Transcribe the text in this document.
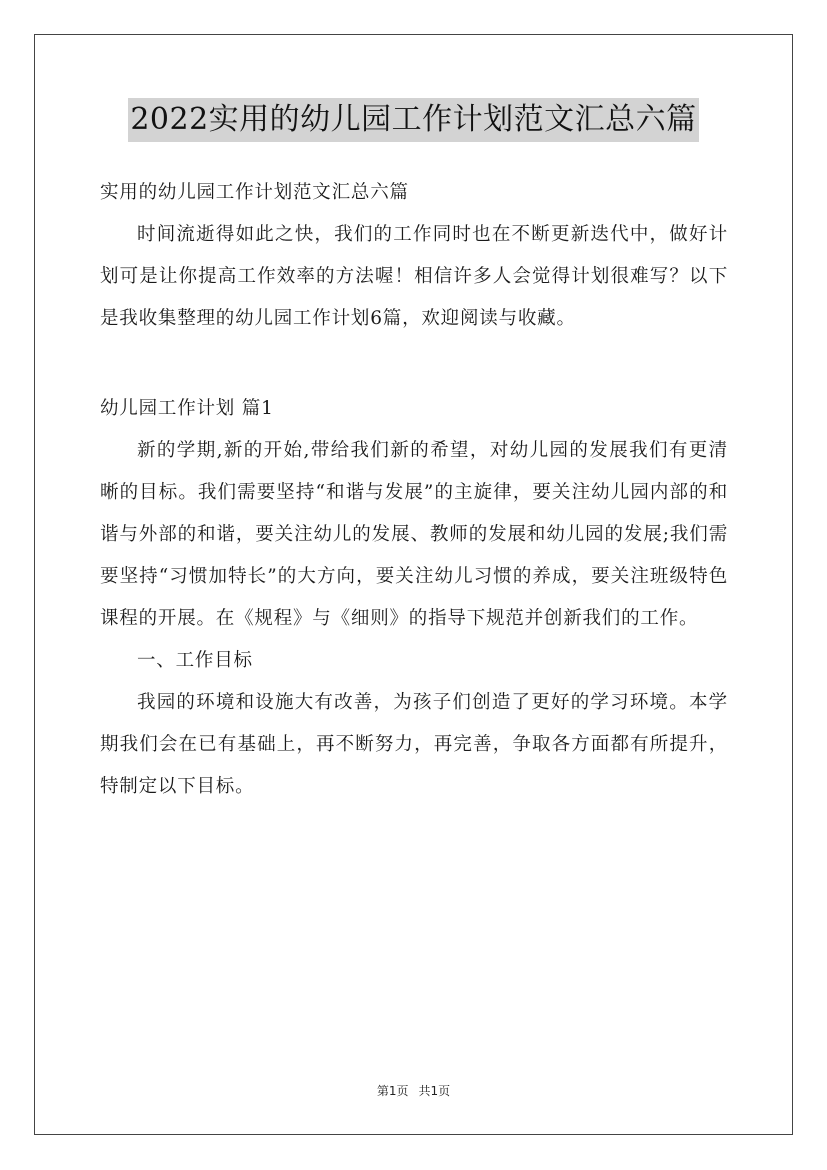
2022实用的幼儿园工作计划范文汇总六篇

实用的幼儿园工作计划范文汇总六篇

时间流逝得如此之快，我们的工作同时也在不断更新迭代中，做好计划可是让你提高工作效率的方法喔！相信许多人会觉得计划很难写？以下是我收集整理的幼儿园工作计划6篇，欢迎阅读与收藏。

幼儿园工作计划 篇1

新的学期,新的开始,带给我们新的希望，对幼儿园的发展我们有更清晰的目标。我们需要坚持“和谐与发展”的主旋律，要关注幼儿园内部的和谐与外部的和谐，要关注幼儿的发展、教师的发展和幼儿园的发展;我们需要坚持“习惯加特长”的大方向，要关注幼儿习惯的养成，要关注班级特色课程的开展。在《规程》与《细则》的指导下规范并创新我们的工作。

一、工作目标

我园的环境和设施大有改善，为孩子们创造了更好的学习环境。本学期我们会在已有基础上，再不断努力，再完善，争取各方面都有所提升，特制定以下目标。

第1页 共1页
